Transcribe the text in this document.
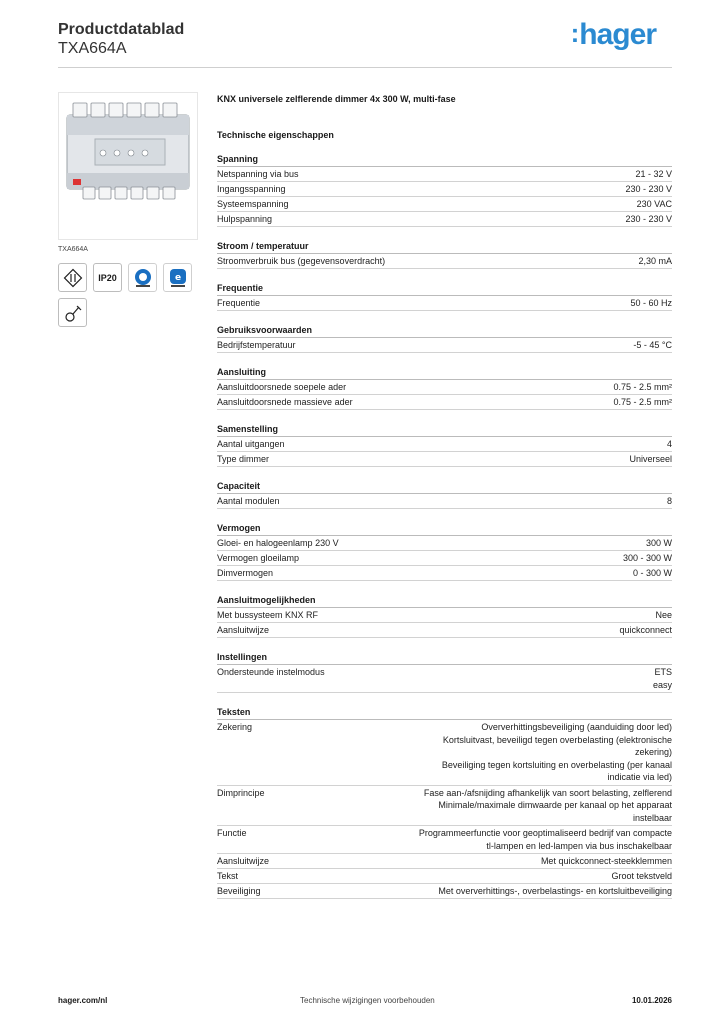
Productdatablad
TXA664A
:hager
TXA664A
IP20	e
KNX universele zelflerende dimmer 4x 300 W, multi-fase
Technische eigenschappen
Spanning
Netspanning via bus	21 - 32 V
Ingangsspanning	230 - 230 V
Systeemspanning	230 VAC
Hulpspanning	230 - 230 V
Stroom / temperatuur
Stroomverbruik bus (gegevensoverdracht)	2,30 mA
Frequentie
Frequentie	50 - 60 Hz
Gebruiksvoorwaarden
Bedrijfstemperatuur	-5 - 45 °C
Aansluiting
Aansluitdoorsnede soepele ader	0.75 - 2.5 mm²
Aansluitdoorsnede massieve ader	0.75 - 2.5 mm²
Samenstelling
Aantal uitgangen	4
Type dimmer	Universeel
Capaciteit
Aantal modulen	8
Vermogen
Gloei- en halogeenlamp 230 V	300 W
Vermogen gloeilamp	300 - 300 W
Dimvermogen	0 - 300 W
Aansluitmogelijkheden
Met bussysteem KNX RF	Nee
Aansluitwijze	quickconnect
Instellingen
Ondersteunde instelmodus	ETS
easy
Teksten
Zekering	Oververhittingsbeveiliging (aanduiding door led)
Kortsluitvast, beveiligd tegen overbelasting (elektronische
zekering)
Beveiliging tegen kortsluiting en overbelasting (per kanaal
indicatie via led)
Dimprincipe	Fase aan-/afsnijding afhankelijk van soort belasting, zelflerend
Minimale/maximale dimwaarde per kanaal op het apparaat
instelbaar
Functie	Programmeerfunctie voor geoptimaliseerd bedrijf van compacte
tl-lampen en led-lampen via bus inschakelbaar
Aansluitwijze	Met quickconnect-steekklemmen
Tekst	Groot tekstveld
Beveiliging	Met oververhittings-, overbelastings- en kortsluitbeveiliging
hager.com/nl	Technische wijzigingen voorbehouden	10.01.2026
